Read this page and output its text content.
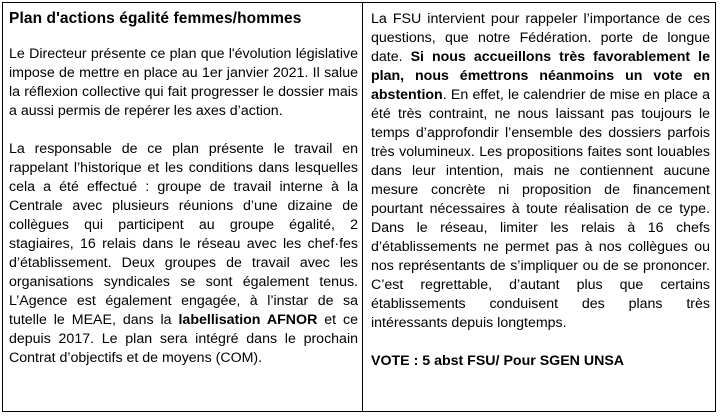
Plan d'actions égalité femmes/hommes

Le Directeur présente ce plan que l'évolution législative impose de mettre en place au 1er janvier 2021. Il salue la réflexion collective qui fait progresser le dossier mais a aussi permis de repérer les axes d’action.

La responsable de ce plan présente le travail en rappelant l’historique et les conditions dans lesquelles cela a été effectué : groupe de travail interne à la Centrale avec plusieurs réunions d’une dizaine de collègues qui participent au groupe égalité, 2 stagiaires, 16 relais dans le réseau avec les chef·fes d’établissement. Deux groupes de travail avec les organisations syndicales se sont également tenus. L’Agence est également engagée, à l’instar de sa tutelle le MEAE, dans la labellisation AFNOR et ce depuis 2017. Le plan sera intégré dans le prochain Contrat d’objectifs et de moyens (COM).

La FSU intervient pour rappeler l’importance de ces questions, que notre Fédération. porte de longue date. Si nous accueillons très favorablement le plan, nous émettrons néanmoins un vote en abstention. En effet, le calendrier de mise en place a été très contraint, ne nous laissant pas toujours le temps d’approfondir l’ensemble des dossiers parfois très volumineux. Les propositions faites sont louables dans leur intention, mais ne contiennent aucune mesure concrète ni proposition de financement pourtant nécessaires à toute réalisation de ce type. Dans le réseau, limiter les relais à 16 chefs d’établissements ne permet pas à nos collègues ou nos représentants de s’impliquer ou de se prononcer. C’est regrettable, d’autant plus que certains établissements conduisent des plans très intéressants depuis longtemps.

VOTE : 5 abst FSU/ Pour SGEN UNSA
